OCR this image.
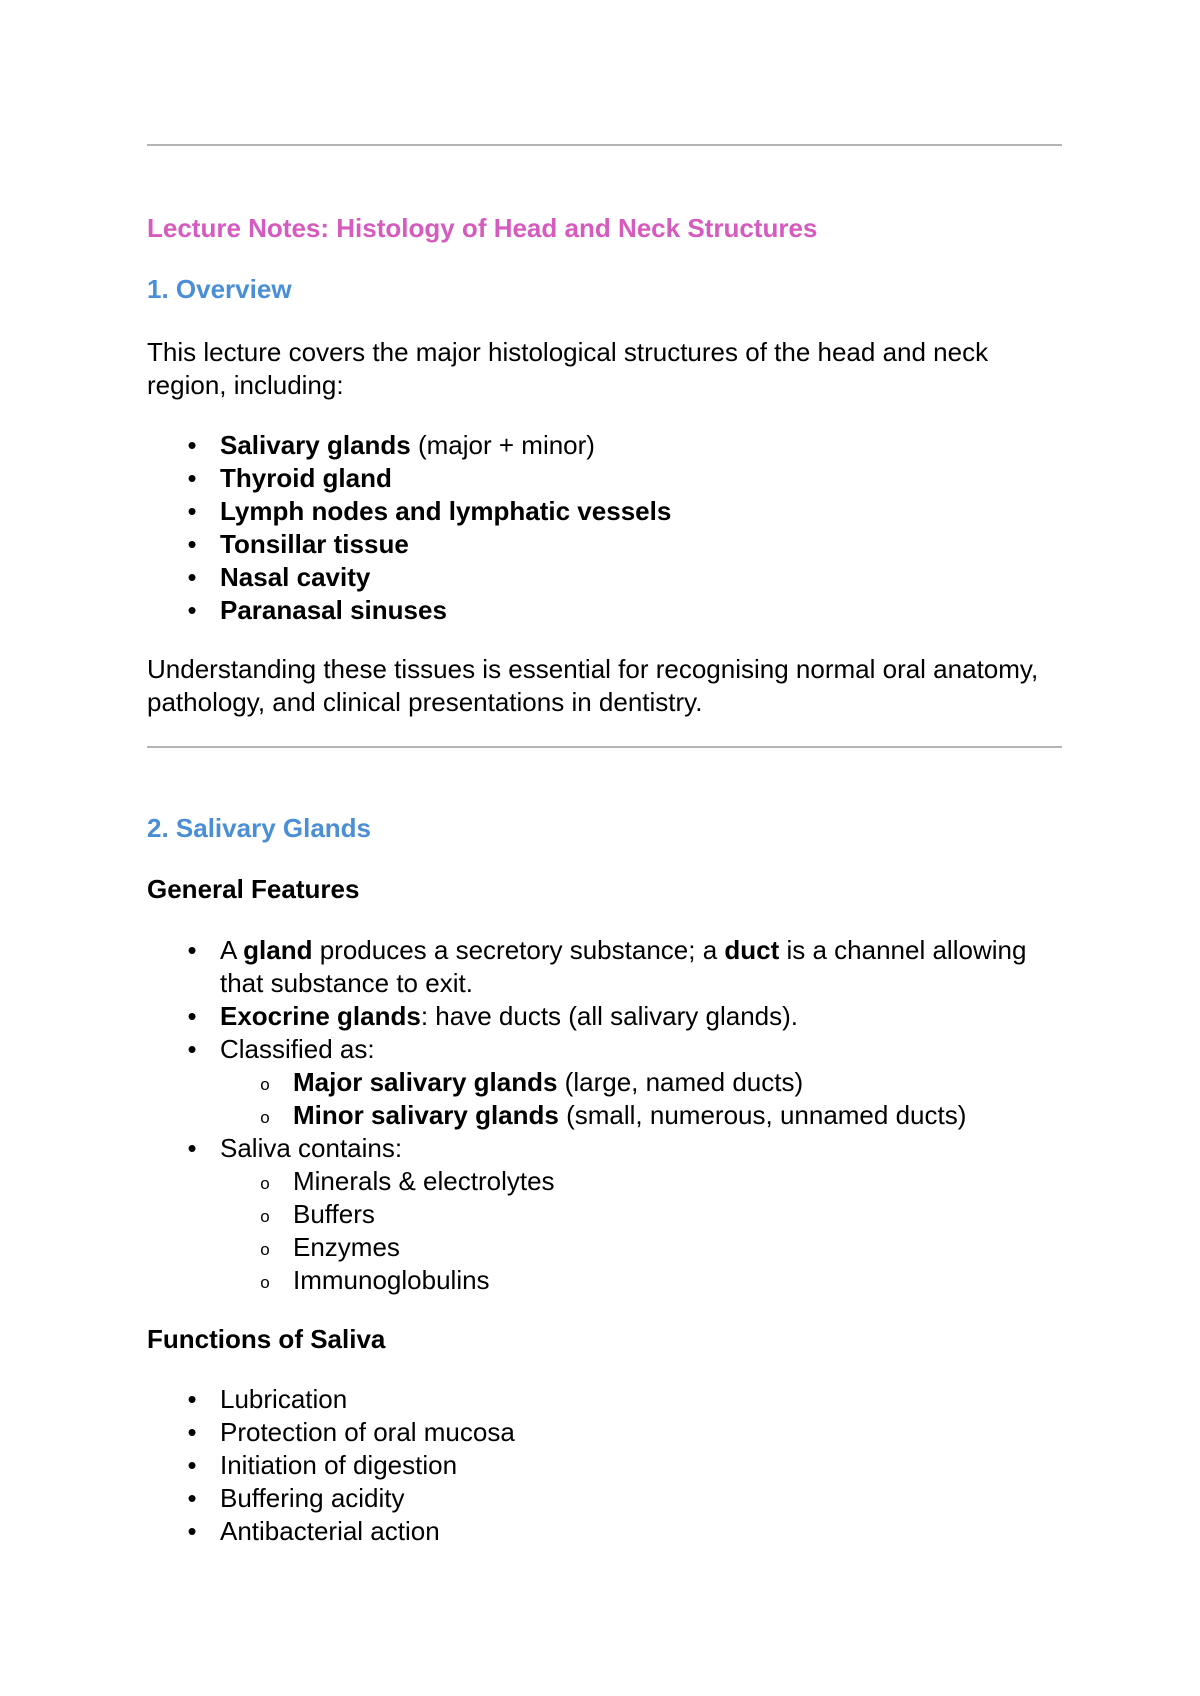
Lecture Notes: Histology of Head and Neck Structures
1. Overview
This lecture covers the major histological structures of the head and neck region, including:
• Salivary glands (major + minor)
• Thyroid gland
• Lymph nodes and lymphatic vessels
• Tonsillar tissue
• Nasal cavity
• Paranasal sinuses
Understanding these tissues is essential for recognising normal oral anatomy, pathology, and clinical presentations in dentistry.
2. Salivary Glands
General Features
• A gland produces a secretory substance; a duct is a channel allowing that substance to exit.
• Exocrine glands: have ducts (all salivary glands).
• Classified as:
o Major salivary glands (large, named ducts)
o Minor salivary glands (small, numerous, unnamed ducts)
• Saliva contains:
o Minerals & electrolytes
o Buffers
o Enzymes
o Immunoglobulins
Functions of Saliva
• Lubrication
• Protection of oral mucosa
• Initiation of digestion
• Buffering acidity
• Antibacterial action
